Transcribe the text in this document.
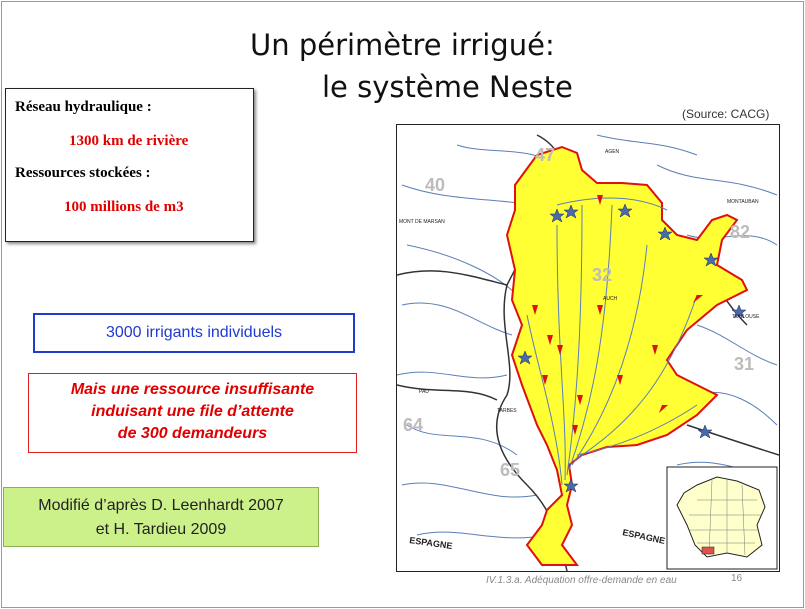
Un périmètre irrigué:
le système Neste
Réseau hydraulique :
1300 km de rivière
Ressources stockées :
100 millions de m3
3000 irrigants individuels
Mais une ressource insuffisante
induisant une file d’attente
de 300 demandeurs
Modifié d’après D. Leenhardt 2007
et H. Tardieu 2009
(Source: CACG)
47
40
82
32
31
64
65
MONT DE MARSAN
AUCH
PAU
TARBES
TOULOUSE
MONTAUBAN
AGEN
ESPAGNE	ESPAGNE
IV.1.3.a. Adéquation offre-demande en eau	16
